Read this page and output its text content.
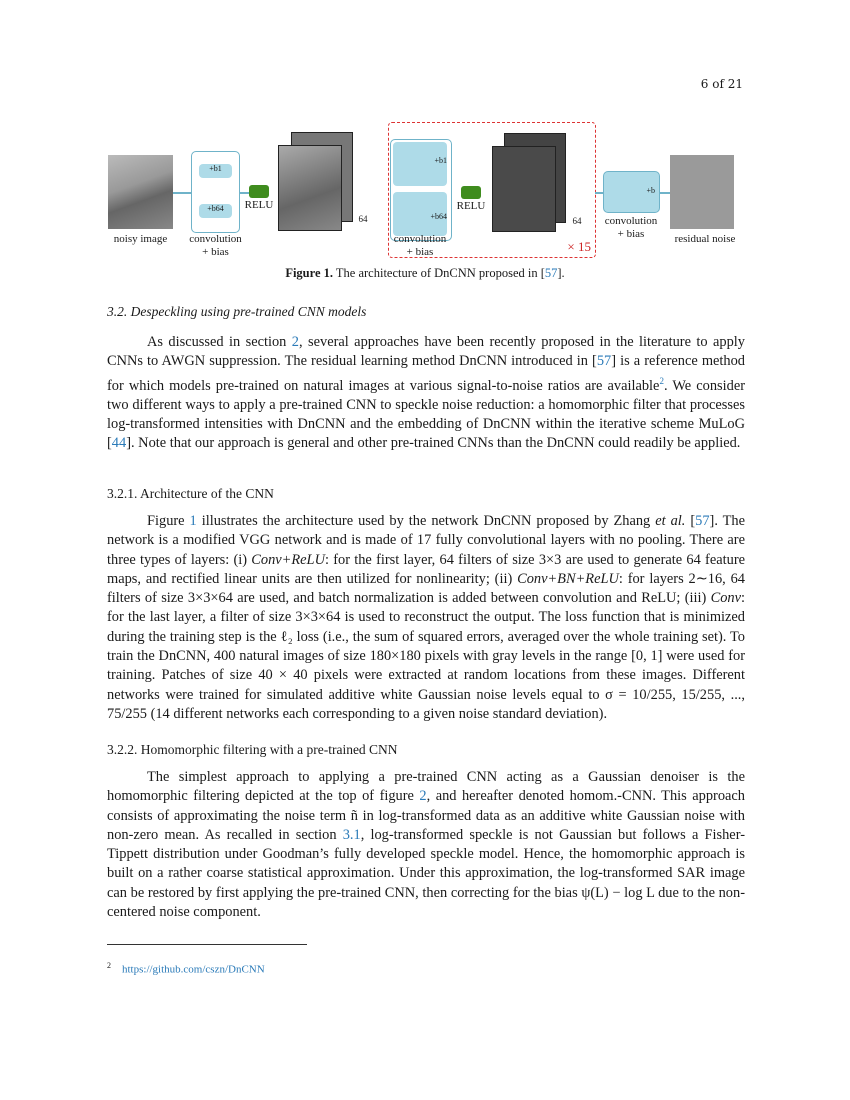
6 of 21
noisy image
+b1
+b64
convolution
+ bias
RELU
64
+b1
+b64
convolution
+ bias
RELU
64
× 15
+b
convolution
+ bias	residual noise
Figure 1. The architecture of DnCNN proposed in [57].
3.2. Despeckling using pre-trained CNN models
As discussed in section 2, several approaches have been recently proposed in the literature to apply CNNs to AWGN suppression. The residual learning method DnCNN introduced in [57] is a reference method for which models pre-trained on natural images at various signal-to-noise ratios are available$^2$. We consider two different ways to apply a pre-trained CNN to speckle noise reduction: a homomorphic filter that processes log-transformed intensities with DnCNN and the embedding of DnCNN within the iterative scheme MuLoG [44]. Note that our approach is general and other pre-trained CNNs than the DnCNN could readily be applied.
3.2.1. Architecture of the CNN
Figure 1 illustrates the architecture used by the network DnCNN proposed by Zhang et al. [57]. The network is a modified VGG network and is made of 17 fully convolutional layers with no pooling. There are three types of layers: (i) Conv+ReLU: for the first layer, 64 filters of size 3×3 are used to generate 64 feature maps, and rectified linear units are then utilized for nonlinearity; (ii) Conv+BN+ReLU: for layers 2∼16, 64 filters of size 3×3×64 are used, and batch normalization is added between convolution and ReLU; (iii) Conv: for the last layer, a filter of size 3×3×64 is used to reconstruct the output. The loss function that is minimized during the training step is the ℓ₂ loss (i.e., the sum of squared errors, averaged over the whole training set). To train the DnCNN, 400 natural images of size 180×180 pixels with gray levels in the range [0, 1] were used for training. Patches of size 40 × 40 pixels were extracted at random locations from these images. Different networks were trained for simulated additive white Gaussian noise levels equal to σ = 10/255, 15/255, ..., 75/255 (14 different networks each corresponding to a given noise standard deviation).
3.2.2. Homomorphic filtering with a pre-trained CNN
The simplest approach to applying a pre-trained CNN acting as a Gaussian denoiser is the homomorphic filtering depicted at the top of figure 2, and hereafter denoted homom.-CNN. This approach consists of approximating the noise term ñ in log-transformed data as an additive white Gaussian noise with non-zero mean. As recalled in section 3.1, log-transformed speckle is not Gaussian but follows a Fisher-Tippett distribution under Goodman’s fully developed speckle model. Hence, the homomorphic approach is built on a rather coarse statistical approximation. Under this approximation, the log-transformed SAR image can be restored by first applying the pre-trained CNN, then correcting for the bias ψ(L) − log L due to the non-centered noise component.
$^2$ https://github.com/cszn/DnCNN
